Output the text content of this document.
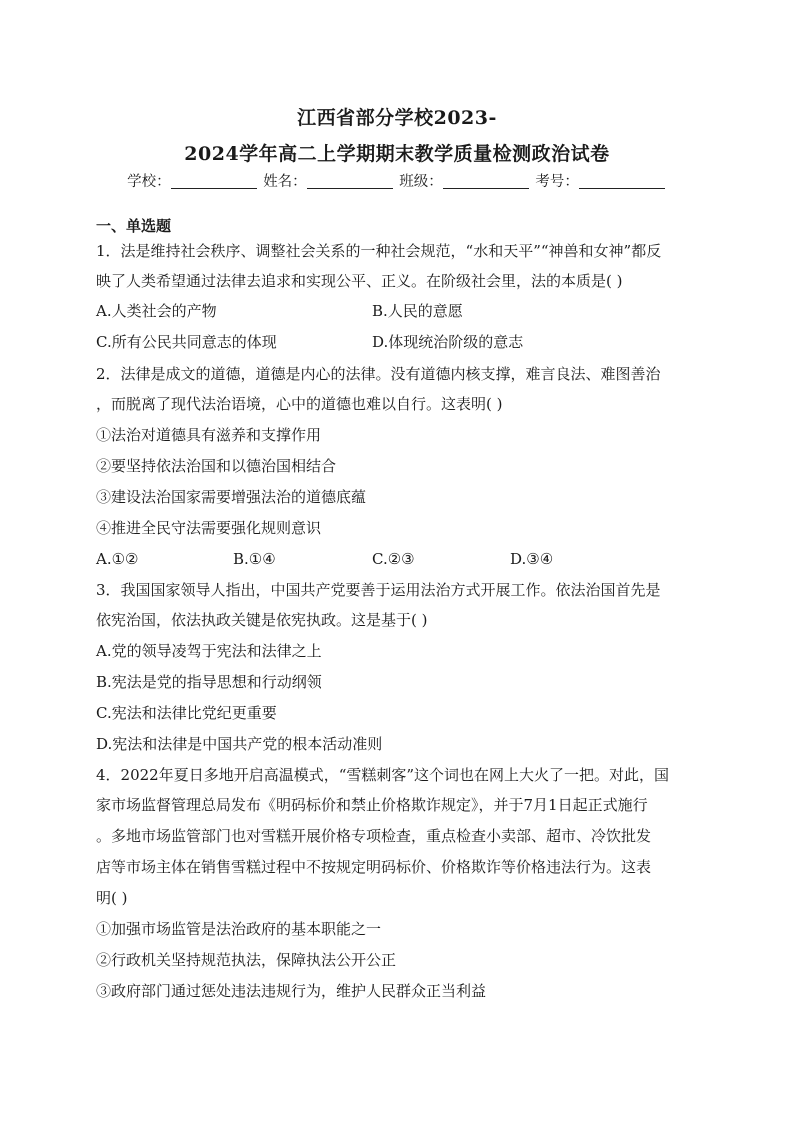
江西省部分学校2023-
2024学年高二上学期期末教学质量检测政治试卷
学校：	姓名：	班级：	考号：
一、单选题
1．法是维持社会秩序、调整社会关系的一种社会规范，“水和天平”“神兽和女神”都反
映了人类希望通过法律去追求和实现公平、正义。在阶级社会里，法的本质是( )
A.人类社会的产物	B.人民的意愿
C.所有公民共同意志的体现	D.体现统治阶级的意志
2．法律是成文的道德，道德是内心的法律。没有道德内核支撑，难言良法、难图善治
，而脱离了现代法治语境，心中的道德也难以自行。这表明( )
①法治对道德具有滋养和支撑作用
②要坚持依法治国和以德治国相结合
③建设法治国家需要增强法治的道德底蕴
④推进全民守法需要强化规则意识
A.①②	B.①④	C.②③	D.③④
3．我国国家领导人指出，中国共产党要善于运用法治方式开展工作。依法治国首先是
依宪治国，依法执政关键是依宪执政。这是基于( )
A.党的领导凌驾于宪法和法律之上
B.宪法是党的指导思想和行动纲领
C.宪法和法律比党纪更重要
D.宪法和法律是中国共产党的根本活动准则
4．2022年夏日多地开启高温模式，“雪糕刺客”这个词也在网上大火了一把。对此，国
家市场监督管理总局发布《明码标价和禁止价格欺诈规定》，并于7月1日起正式施行
。多地市场监管部门也对雪糕开展价格专项检查，重点检查小卖部、超市、冷饮批发
店等市场主体在销售雪糕过程中不按规定明码标价、价格欺诈等价格违法行为。这表
明( )
①加强市场监管是法治政府的基本职能之一
②行政机关坚持规范执法，保障执法公开公正
③政府部门通过惩处违法违规行为，维护人民群众正当利益
